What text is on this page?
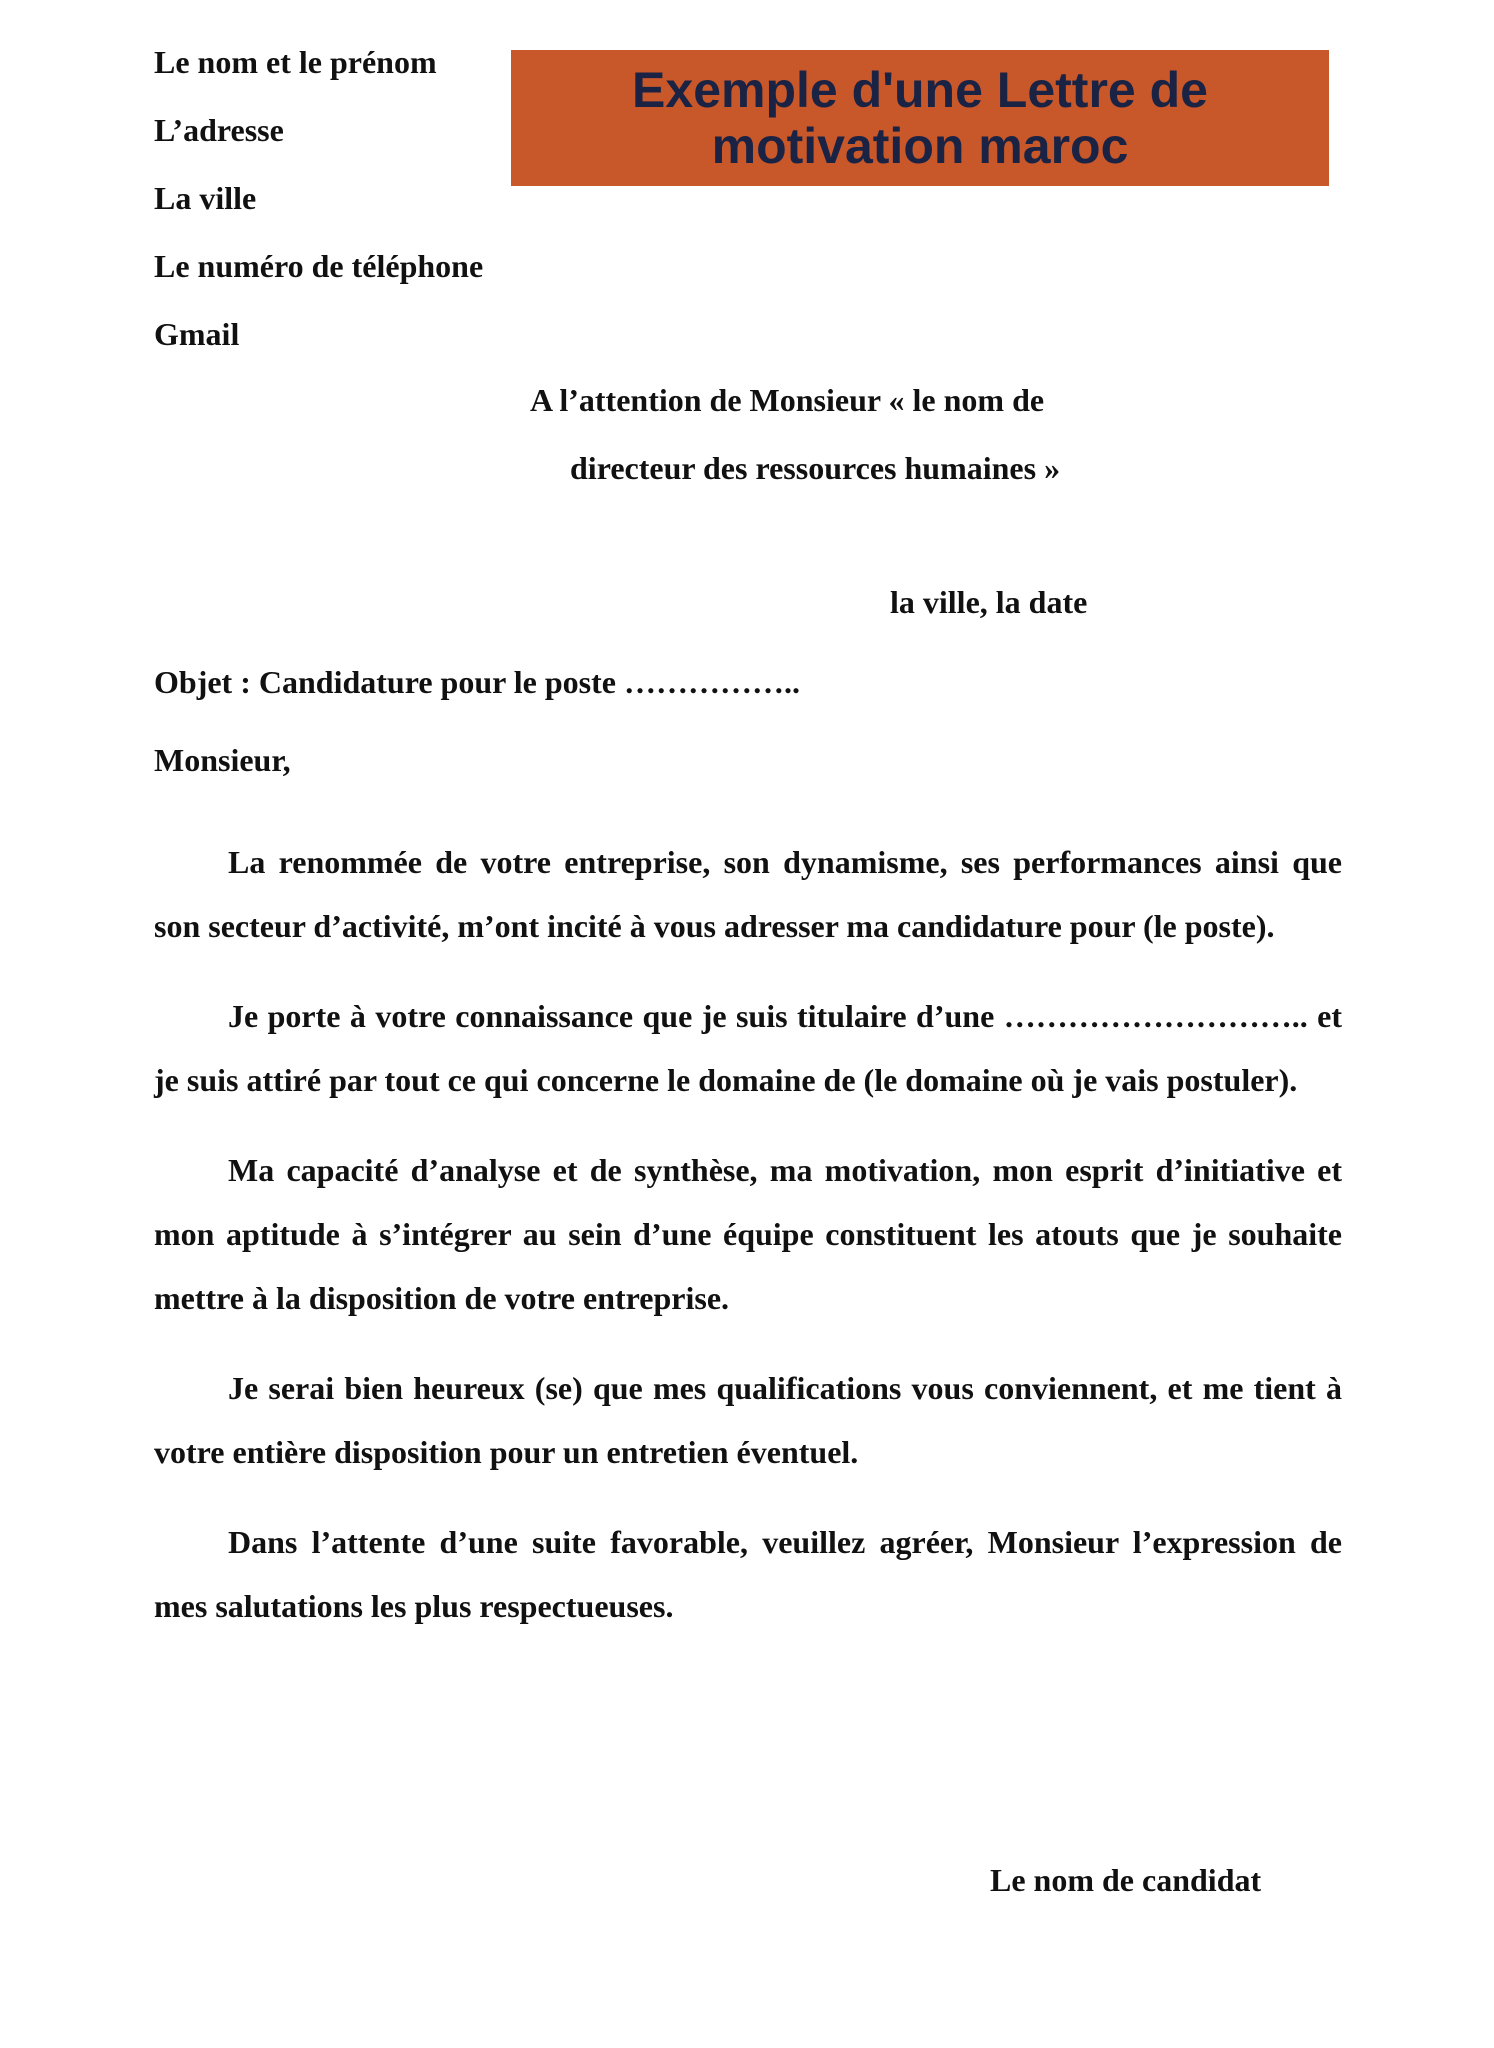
Le nom et le prénom
L’adresse
La ville
Le numéro de téléphone
Gmail
Exemple d'une Lettre de motivation maroc
A l’attention de Monsieur « le nom de
directeur des ressources humaines »
la ville, la date
Objet : Candidature pour le poste ……………..
Monsieur,

La renommée de votre entreprise, son dynamisme, ses performances ainsi que son secteur d’activité, m’ont incité à vous adresser ma candidature pour (le poste).

Je porte à votre connaissance que je suis titulaire d’une ……………………….. et je suis attiré par tout ce qui concerne le domaine de (le domaine où je vais postuler).

Ma capacité d’analyse et de synthèse, ma motivation, mon esprit d’initiative et mon aptitude à s’intégrer au sein d’une équipe constituent les atouts que je souhaite mettre à la disposition de votre entreprise.

Je serai bien heureux (se) que mes qualifications vous conviennent, et me tient à votre entière disposition pour un entretien éventuel.

Dans l’attente d’une suite favorable, veuillez agréer, Monsieur l’expression de mes salutations les plus respectueuses.

Le nom de candidat
